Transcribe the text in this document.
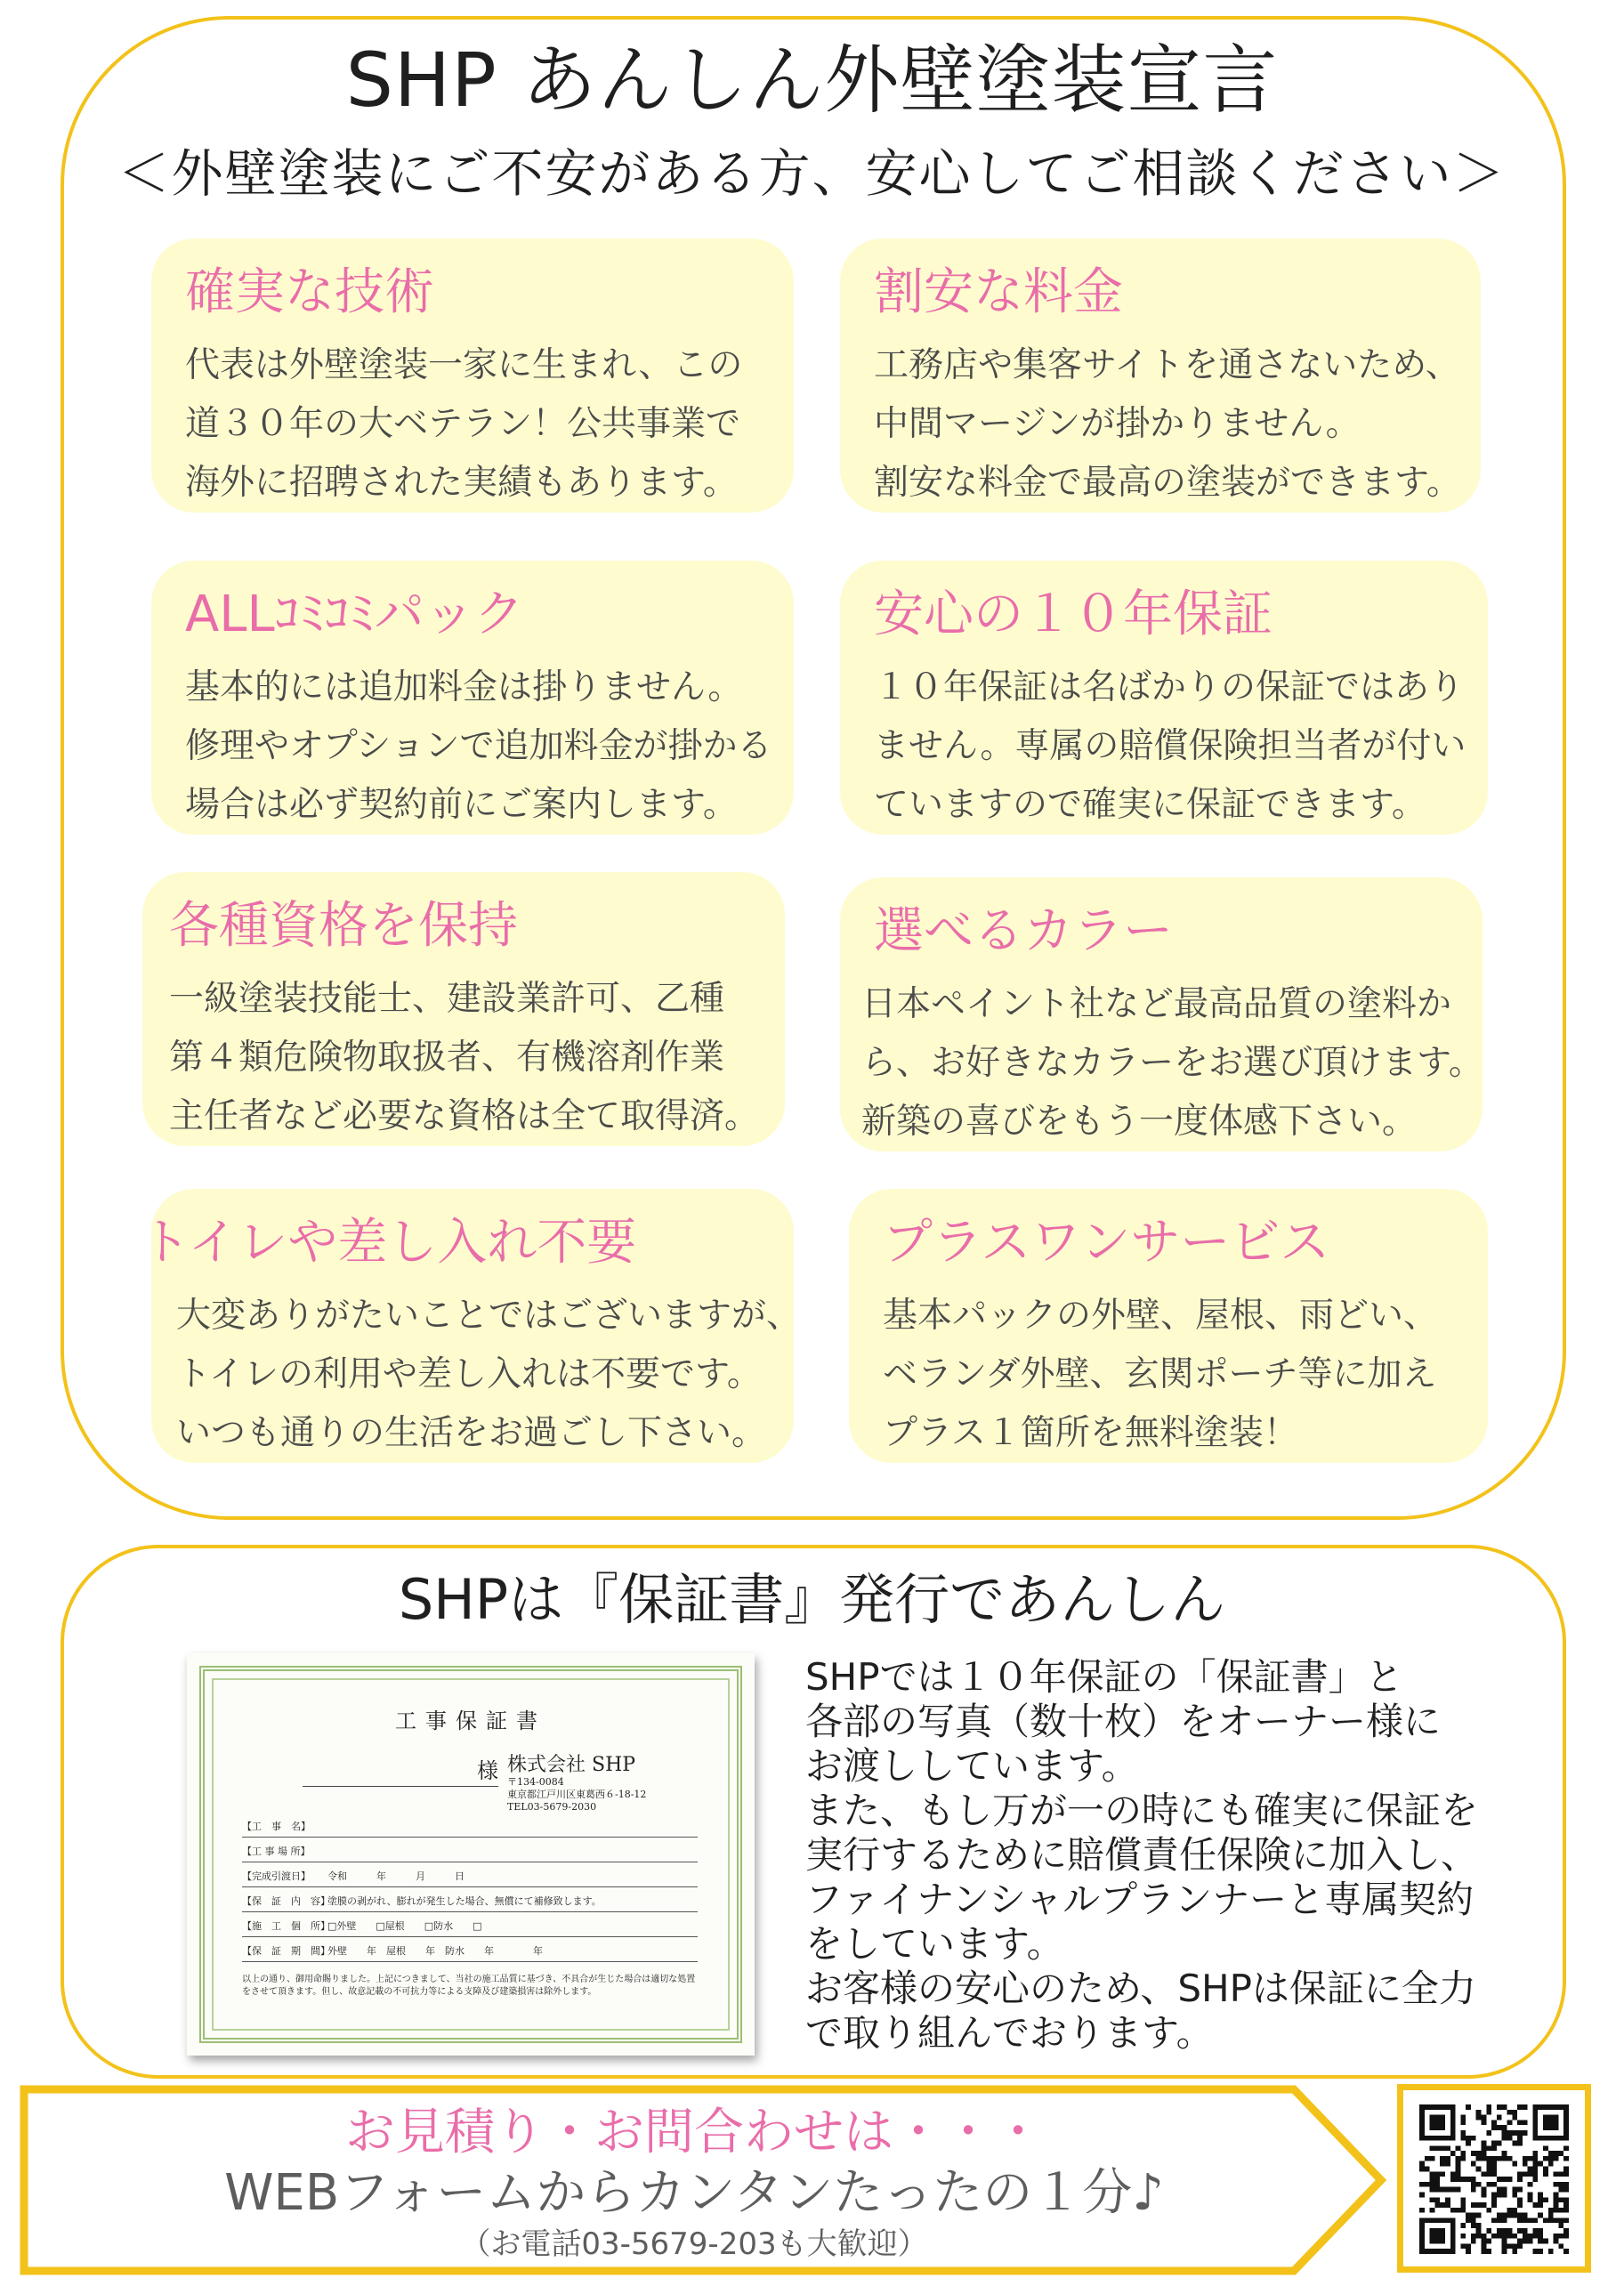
SHP あんしん外壁塗装宣言
＜外壁塗装にご不安がある方、安心してご相談ください＞
確実な技術
代表は外壁塗装一家に生まれ、この
道３０年の大ベテラン！公共事業で
海外に招聘された実績もあります。
割安な料金
工務店や集客サイトを通さないため、
中間マージンが掛かりません。
割安な料金で最高の塗装ができます。
ALLｺﾐｺﾐパック
基本的には追加料金は掛りません。
修理やオプションで追加料金が掛かる
場合は必ず契約前にご案内します。
安心の１０年保証
１０年保証は名ばかりの保証ではあり
ません。専属の賠償保険担当者が付い
ていますので確実に保証できます。
各種資格を保持
一級塗装技能士、建設業許可、乙種
第４類危険物取扱者、有機溶剤作業
主任者など必要な資格は全て取得済。
選べるカラー
日本ペイント社など最高品質の塗料か
ら、お好きなカラーをお選び頂けます。
新築の喜びをもう一度体感下さい。
トイレや差し入れ不要
大変ありがたいことではございますが、
トイレの利用や差し入れは不要です。
いつも通りの生活をお過ごし下さい。
プラスワンサービス
基本パックの外壁、屋根、雨どい、
ベランダ外壁、玄関ポーチ等に加え
プラス１箇所を無料塗装！
SHPは『保証書』発行であんしん
工事保証書
様 株式会社 SHP
〒134-0084
東京都江戸川区東葛西６-18-12
TEL03-5679-2030
【工　事　名】
【工 事 場 所】
【完成引渡日】 令和　　　年　　　月　　　日
【保　証　内　容】塗膜の剥がれ、膨れが発生した場合、無償にて補修致します。
【施　工　個　所】□外壁　　□屋根　　□防水　　□
【保　証　期　間】外壁　　年　屋根　　年　防水　　年　　　　年
以上の通り、御用命賜りました。上記につきまして、当社の施工品質に基づき、不具合が生じた場合は適切な処置をさせて頂きます。但し、故意記載の不可抗力等による支障及び建築損害は除外します。
SHPでは１０年保証の「保証書」と
各部の写真（数十枚）をオーナー様に
お渡ししています。
また、もし万が一の時にも確実に保証を
実行するために賠償責任保険に加入し、
ファイナンシャルプランナーと専属契約
をしています。
お客様の安心のため、SHPは保証に全力
で取り組んでおります。
お見積り・お問合わせは・・・
WEBフォームからカンタンたったの１分♪
（お電話03-5679-203も大歓迎）
